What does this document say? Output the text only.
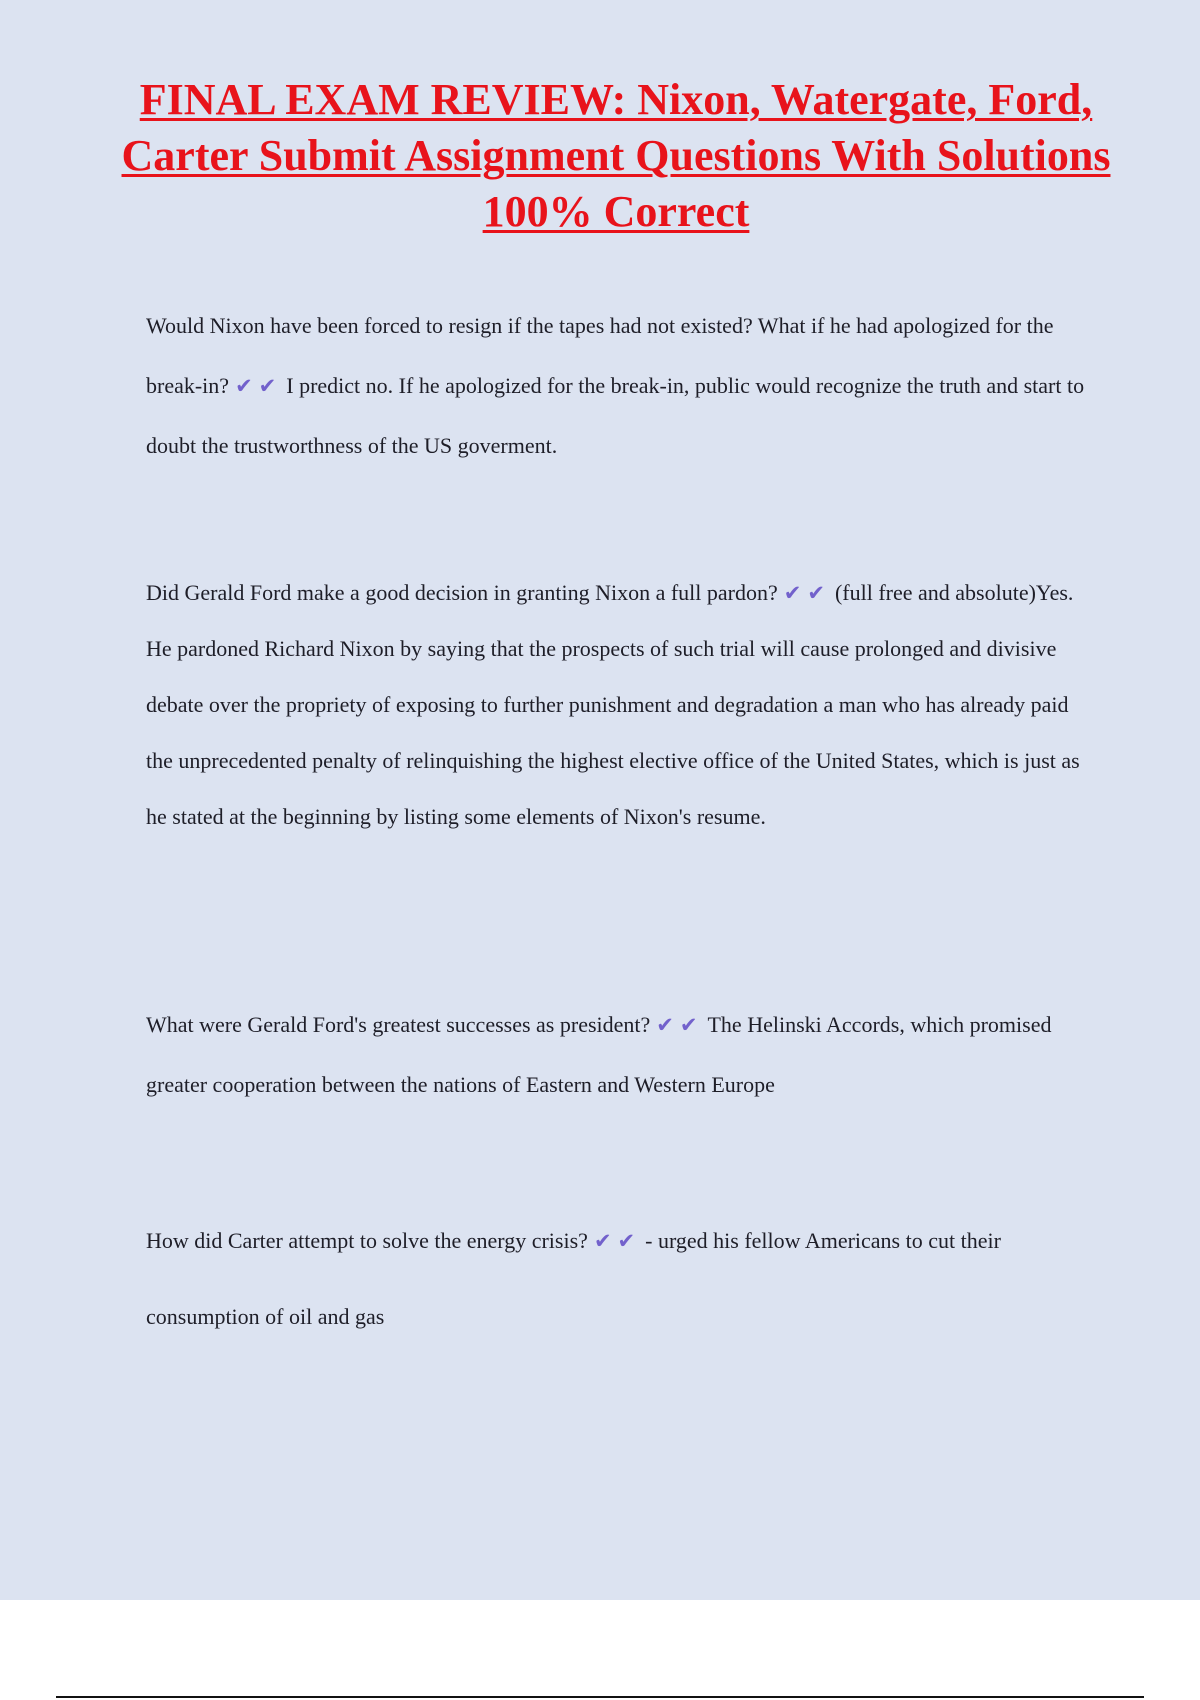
FINAL EXAM REVIEW: Nixon, Watergate, Ford, Carter Submit Assignment Questions With Solutions 100% Correct

Would Nixon have been forced to resign if the tapes had not existed? What if he had apologized for the break-in? ✔✔ I predict no. If he apologized for the break-in, public would recognize the truth and start to doubt the trustworthness of the US goverment.

Did Gerald Ford make a good decision in granting Nixon a full pardon? ✔✔ (full free and absolute)Yes. He pardoned Richard Nixon by saying that the prospects of such trial will cause prolonged and divisive debate over the propriety of exposing to further punishment and degradation a man who has already paid the unprecedented penalty of relinquishing the highest elective office of the United States, which is just as he stated at the beginning by listing some elements of Nixon's resume.

What were Gerald Ford's greatest successes as president? ✔✔ The Helinski Accords, which promised greater cooperation between the nations of Eastern and Western Europe

How did Carter attempt to solve the energy crisis? ✔✔ - urged his fellow Americans to cut their consumption of oil and gas
